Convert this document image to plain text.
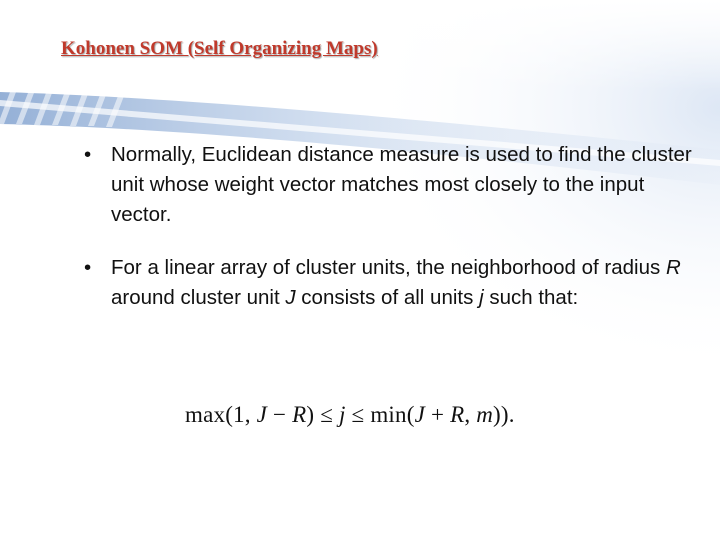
Kohonen SOM (Self Organizing Maps)
• Normally, Euclidean distance measure is used to find the cluster unit whose weight vector matches most closely to the input vector.
• For a linear array of cluster units, the neighborhood of radius R around cluster unit J consists of all units j such that:
max(1, J − R) ≤ j ≤ min(J + R, m)).
